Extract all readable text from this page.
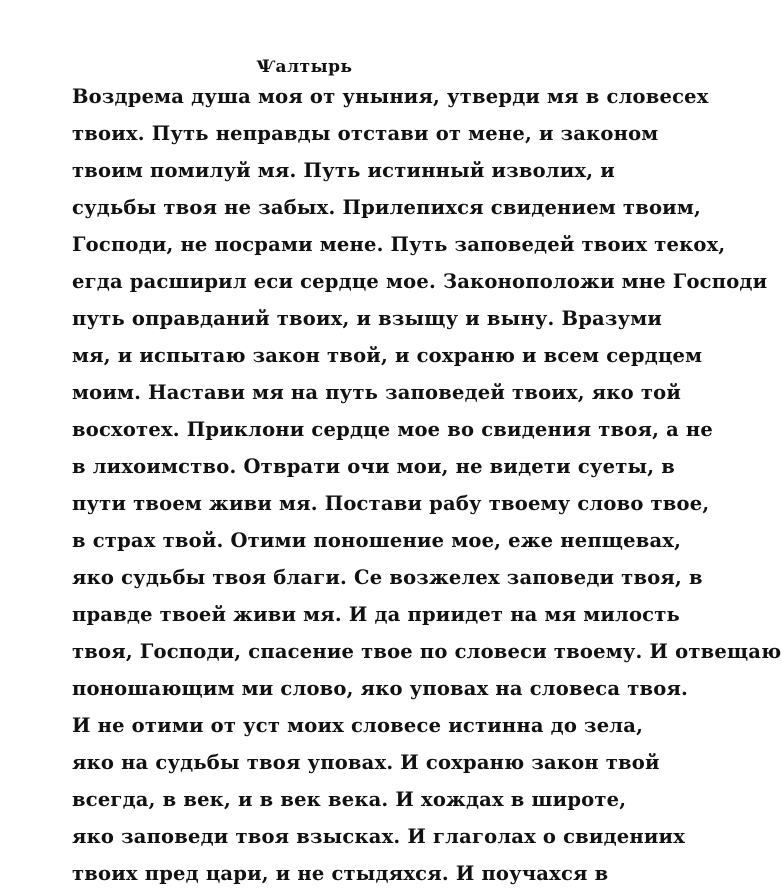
Ѱалтырь
Воздрема душа моя от уныния, утверди мя в словесех
твоих. Путь неправды отстави от мене, и законом
твоим помилуй мя. Путь истинный изволих, и
судьбы твоя не забых. Прилепихся свидением твоим,
Господи, не посрами мене. Путь заповедей твоих текох,
егда расширил еси сердце мое. Законоположи мне Господи
путь оправданий твоих, и взыщу и выну. Вразуми
мя, и испытаю закон твой, и сохраню и всем сердцем
моим. Настави мя на путь заповедей твоих, яко той
восхотех. Приклони сердце мое во свидения твоя, а не
в лихоимство. Отврати очи мои, не видети суеты, в
пути твоем живи мя. Постави рабу твоему слово твое,
в страх твой. Отими поношение мое, еже непщевах,
яко судьбы твоя благи. Се возжелех заповеди твоя, в
правде твоей живи мя. И да приидет на мя милость
твоя, Господи, спасение твое по словеси твоему. И отвещаю
поношающим ми слово, яко уповах на словеса твоя.
И не отими от уст моих словесе истинна до зела,
яко на судьбы твоя уповах. И сохраню закон твой
всегда, в век, и в век века. И хождах в широте,
яко заповеди твоя взысках. И глаголах о свидениих
твоих пред цари, и не стыдяхся. И поучахся в
